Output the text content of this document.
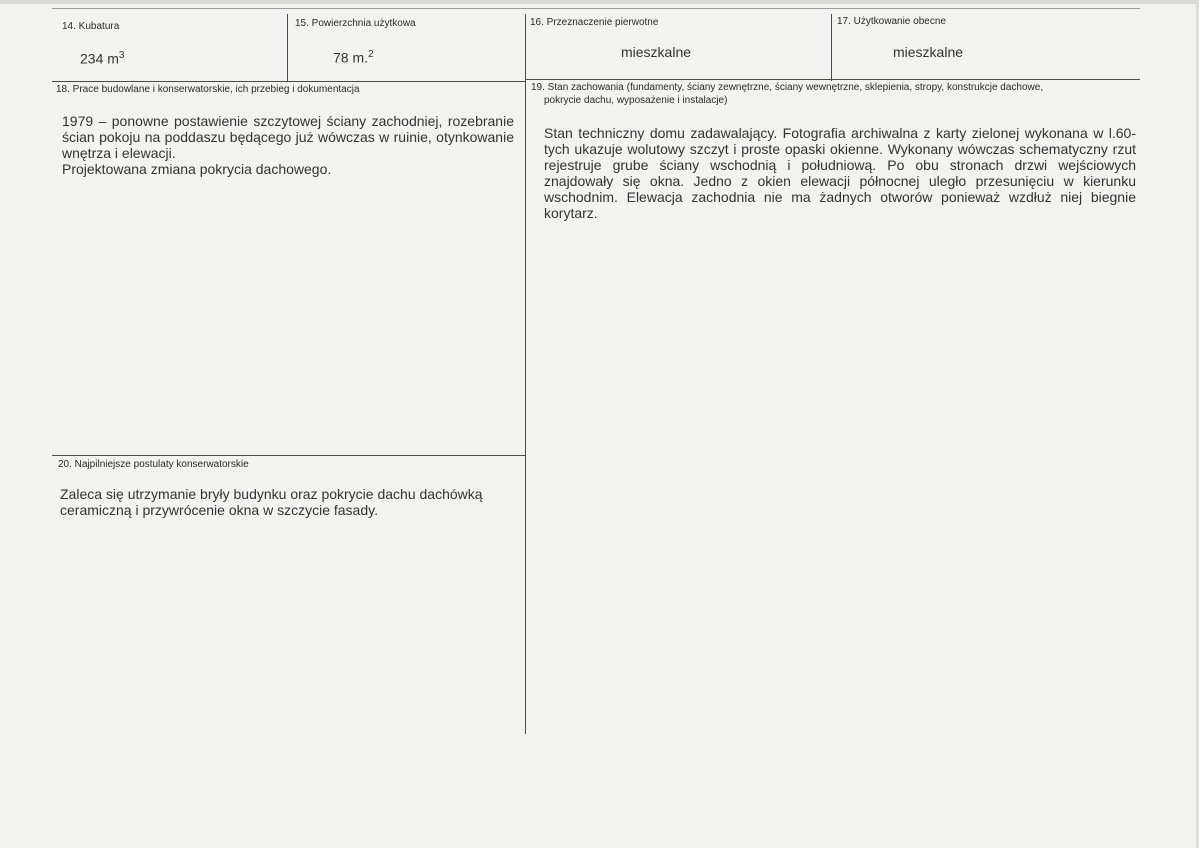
14. Kubatura
234 $m^3$
15. Powierzchnia użytkowa
78 m.$^2$
16. Przeznaczenie pierwotne
mieszkalne
17. Użytkowanie obecne
mieszkalne
18. Prace budowlane i konserwatorskie, ich przebieg i dokumentacja

1979 – ponowne postawienie szczytowej ściany zachodniej, rozebranie ścian pokoju na poddaszu będącego już wówczas w ruinie, otynkowanie wnętrza i elewacji.

Projektowana zmiana pokrycia dachowego.

19. Stan zachowania (fundamenty, ściany zewnętrzne, ściany wewnętrzne, sklepienia, stropy, konstrukcje dachowe,
pokrycie dachu, wyposażenie i instalacje)

Stan techniczny domu zadawalający. Fotografia archiwalna z karty zielonej wykonana w l.60-tych ukazuje wolutowy szczyt i proste opaski okienne. Wykonany wówczas schematyczny rzut rejestruje grube ściany wschodnią i południową. Po obu stronach drzwi wejściowych znajdowały się okna. Jedno z okien elewacji północnej uległo przesunięciu w kierunku wschodnim. Elewacja zachodnia nie ma żadnych otworów ponieważ wzdłuż niej biegnie korytarz.

20. Najpilniejsze postulaty konserwatorskie

Zaleca się utrzymanie bryły budynku oraz pokrycie dachu dachówką ceramiczną i przywrócenie okna w szczycie fasady.
